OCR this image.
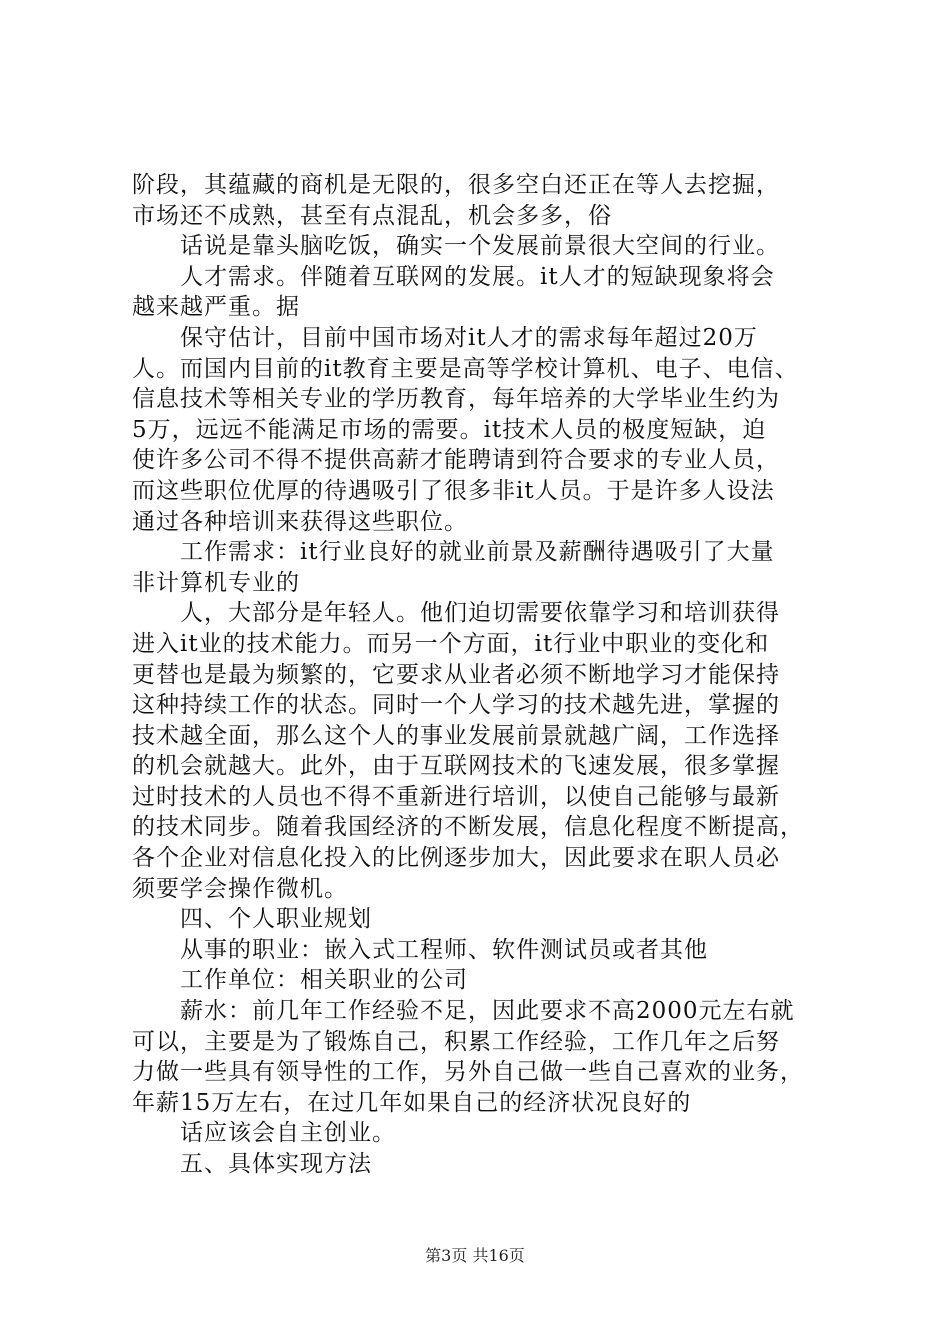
阶段，其蕴藏的商机是无限的，很多空白还正在等人去挖掘，
市场还不成熟，甚至有点混乱，机会多多，俗
话说是靠头脑吃饭，确实一个发展前景很大空间的行业。
人才需求。伴随着互联网的发展。it人才的短缺现象将会
越来越严重。据
保守估计，目前中国市场对it人才的需求每年超过20万
人。而国内目前的it教育主要是高等学校计算机、电子、电信、
信息技术等相关专业的学历教育，每年培养的大学毕业生约为
5万，远远不能满足市场的需要。it技术人员的极度短缺，迫
使许多公司不得不提供高薪才能聘请到符合要求的专业人员，
而这些职位优厚的待遇吸引了很多非it人员。于是许多人设法
通过各种培训来获得这些职位。
工作需求：it行业良好的就业前景及薪酬待遇吸引了大量
非计算机专业的
人，大部分是年轻人。他们迫切需要依靠学习和培训获得
进入it业的技术能力。而另一个方面，it行业中职业的变化和
更替也是最为频繁的，它要求从业者必须不断地学习才能保持
这种持续工作的状态。同时一个人学习的技术越先进，掌握的
技术越全面，那么这个人的事业发展前景就越广阔，工作选择
的机会就越大。此外，由于互联网技术的飞速发展，很多掌握
过时技术的人员也不得不重新进行培训，以使自己能够与最新
的技术同步。随着我国经济的不断发展，信息化程度不断提高，
各个企业对信息化投入的比例逐步加大，因此要求在职人员必
须要学会操作微机。
四、个人职业规划
从事的职业：嵌入式工程师、软件测试员或者其他
工作单位：相关职业的公司
薪水：前几年工作经验不足，因此要求不高2000元左右就
可以，主要是为了锻炼自己，积累工作经验，工作几年之后努
力做一些具有领导性的工作，另外自己做一些自己喜欢的业务，
年薪15万左右，在过几年如果自己的经济状况良好的
话应该会自主创业。
五、具体实现方法
第3页 共16页
